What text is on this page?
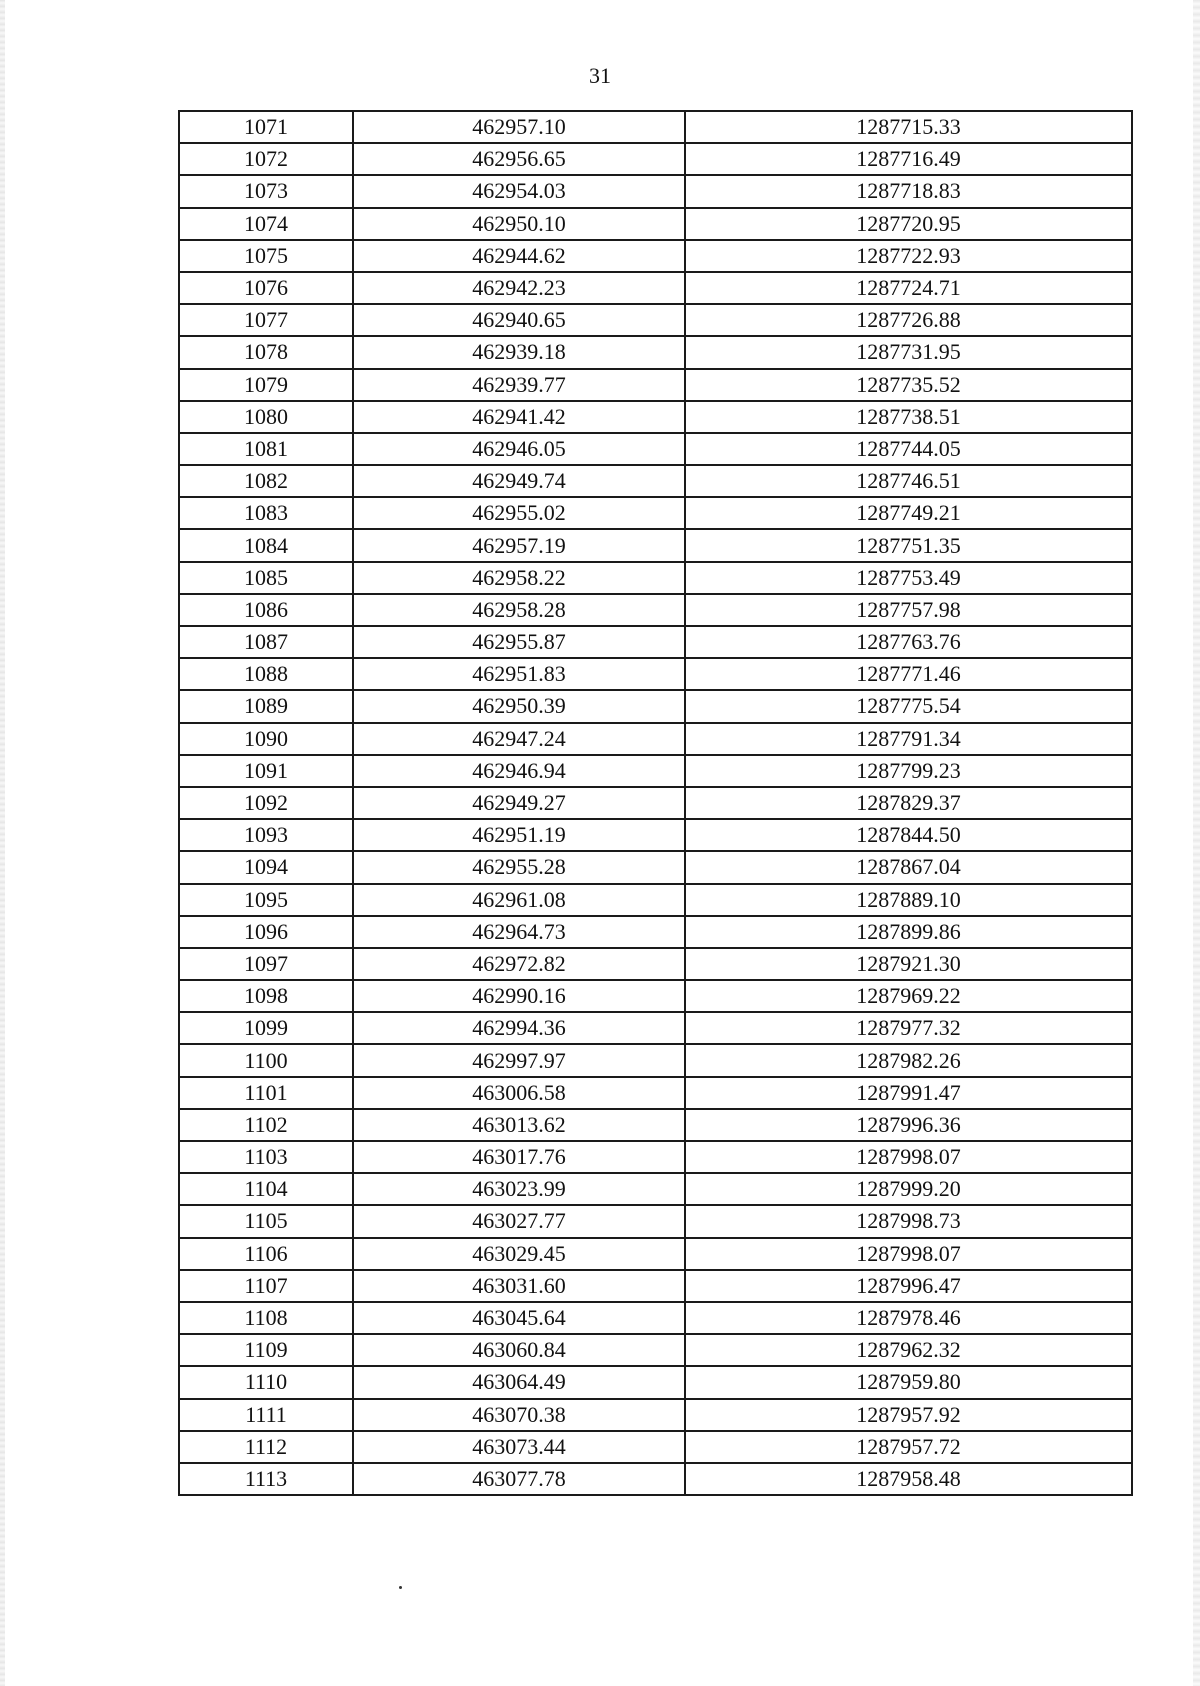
31
1071	462957.10	1287715.33
1072	462956.65	1287716.49
1073	462954.03	1287718.83
1074	462950.10	1287720.95
1075	462944.62	1287722.93
1076	462942.23	1287724.71
1077	462940.65	1287726.88
1078	462939.18	1287731.95
1079	462939.77	1287735.52
1080	462941.42	1287738.51
1081	462946.05	1287744.05
1082	462949.74	1287746.51
1083	462955.02	1287749.21
1084	462957.19	1287751.35
1085	462958.22	1287753.49
1086	462958.28	1287757.98
1087	462955.87	1287763.76
1088	462951.83	1287771.46
1089	462950.39	1287775.54
1090	462947.24	1287791.34
1091	462946.94	1287799.23
1092	462949.27	1287829.37
1093	462951.19	1287844.50
1094	462955.28	1287867.04
1095	462961.08	1287889.10
1096	462964.73	1287899.86
1097	462972.82	1287921.30
1098	462990.16	1287969.22
1099	462994.36	1287977.32
1100	462997.97	1287982.26
1101	463006.58	1287991.47
1102	463013.62	1287996.36
1103	463017.76	1287998.07
1104	463023.99	1287999.20
1105	463027.77	1287998.73
1106	463029.45	1287998.07
1107	463031.60	1287996.47
1108	463045.64	1287978.46
1109	463060.84	1287962.32
1110	463064.49	1287959.80
1111	463070.38	1287957.92
1112	463073.44	1287957.72
1113	463077.78	1287958.48
